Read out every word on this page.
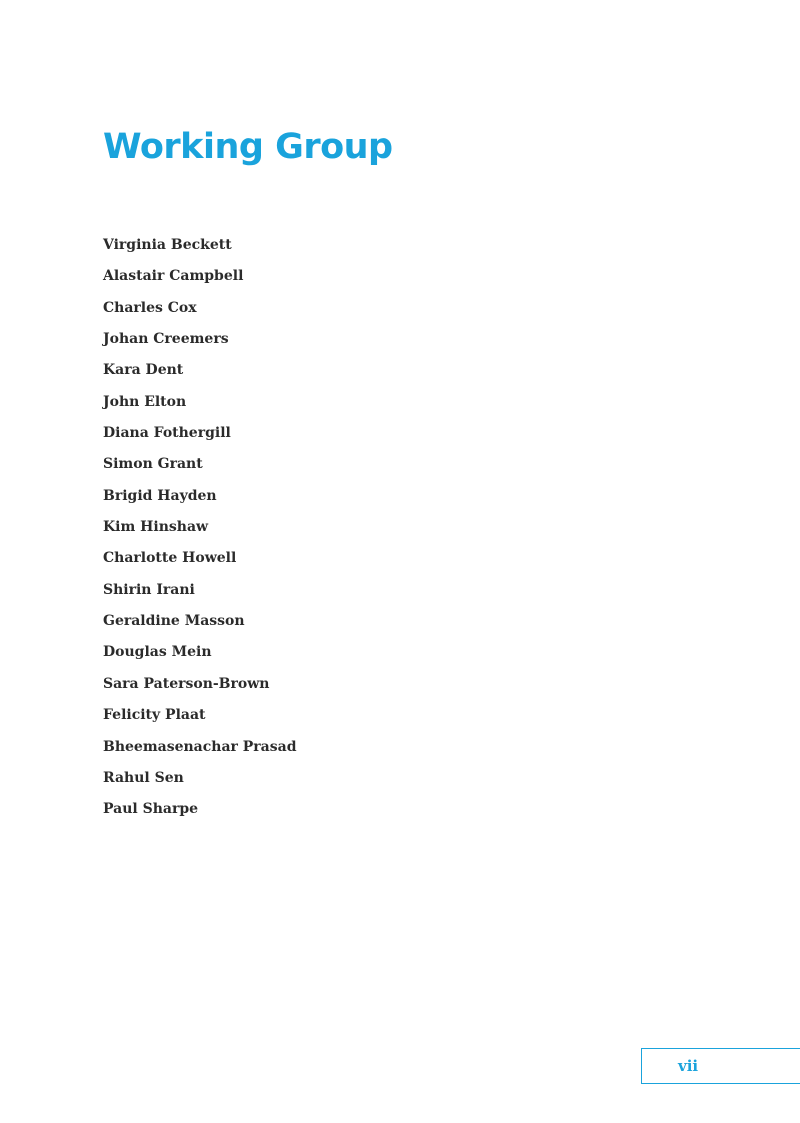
Working Group
Virginia Beckett
Alastair Campbell
Charles Cox
Johan Creemers
Kara Dent
John Elton
Diana Fothergill
Simon Grant
Brigid Hayden
Kim Hinshaw
Charlotte Howell
Shirin Irani
Geraldine Masson
Douglas Mein
Sara Paterson-Brown
Felicity Plaat
Bheemasenachar Prasad
Rahul Sen
Paul Sharpe
vii
